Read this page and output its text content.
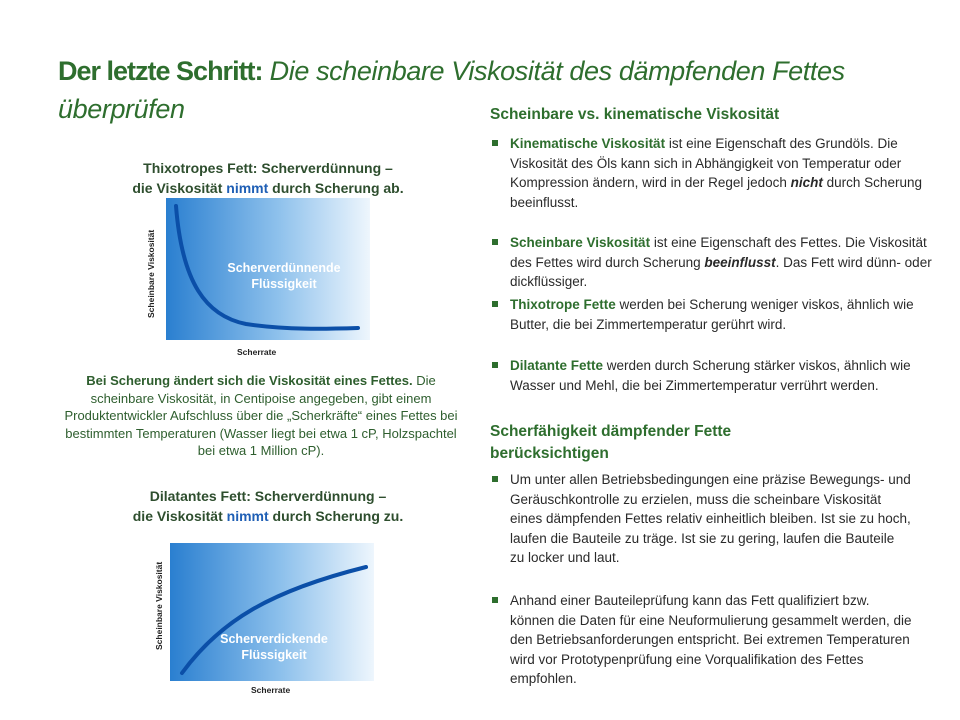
Der letzte Schritt: Die scheinbare Viskosität des dämpfenden Fettes überprüfen
Thixotropes Fett: Scherverdünnung –
die Viskosität nimmt durch Scherung ab.
Scheinbare Viskosität	Scherverdünnende
Flüssigkeit
Scherrate
Bei Scherung ändert sich die Viskosität eines Fettes. Die scheinbare Viskosität, in Centipoise angegeben, gibt einem Produktentwickler Aufschluss über die „Scherkräfte“ eines Fettes bei bestimmten Temperaturen (Wasser liegt bei etwa 1 cP, Holzspachtel bei etwa 1 Million cP).
Dilatantes Fett: Scherverdünnung –
die Viskosität nimmt durch Scherung zu.
Scheinbare Viskosität	Scherverdickende
Flüssigkeit
Scherrate
Scheinbare vs. kinematische Viskosität
Kinematische Viskosität ist eine Eigenschaft des Grundöls. Die Viskosität des Öls kann sich in Abhängigkeit von Temperatur oder Kompression ändern, wird in der Regel jedoch nicht durch Scherung beeinflusst.
Scheinbare Viskosität ist eine Eigenschaft des Fettes. Die Viskosität des Fettes wird durch Scherung beeinflusst. Das Fett wird dünn- oder dickflüssiger.
Thixotrope Fette werden bei Scherung weniger viskos, ähnlich wie Butter, die bei Zimmertemperatur gerührt wird.
Dilatante Fette werden durch Scherung stärker viskos, ähnlich wie Wasser und Mehl, die bei Zimmertemperatur verrührt werden.
Scherfähigkeit dämpfender Fette berücksichtigen
Um unter allen Betriebsbedingungen eine präzise Bewegungs- und Geräuschkontrolle zu erzielen, muss die scheinbare Viskosität eines dämpfenden Fettes relativ einheitlich bleiben. Ist sie zu hoch, laufen die Bauteile zu träge. Ist sie zu gering, laufen die Bauteile zu locker und laut.
Anhand einer Bauteileprüfung kann das Fett qualifiziert bzw. können die Daten für eine Neuformulierung gesammelt werden, die den Betriebsanforderungen entspricht. Bei extremen Temperaturen wird vor Prototypenprüfung eine Vorqualifikation des Fettes empfohlen.
